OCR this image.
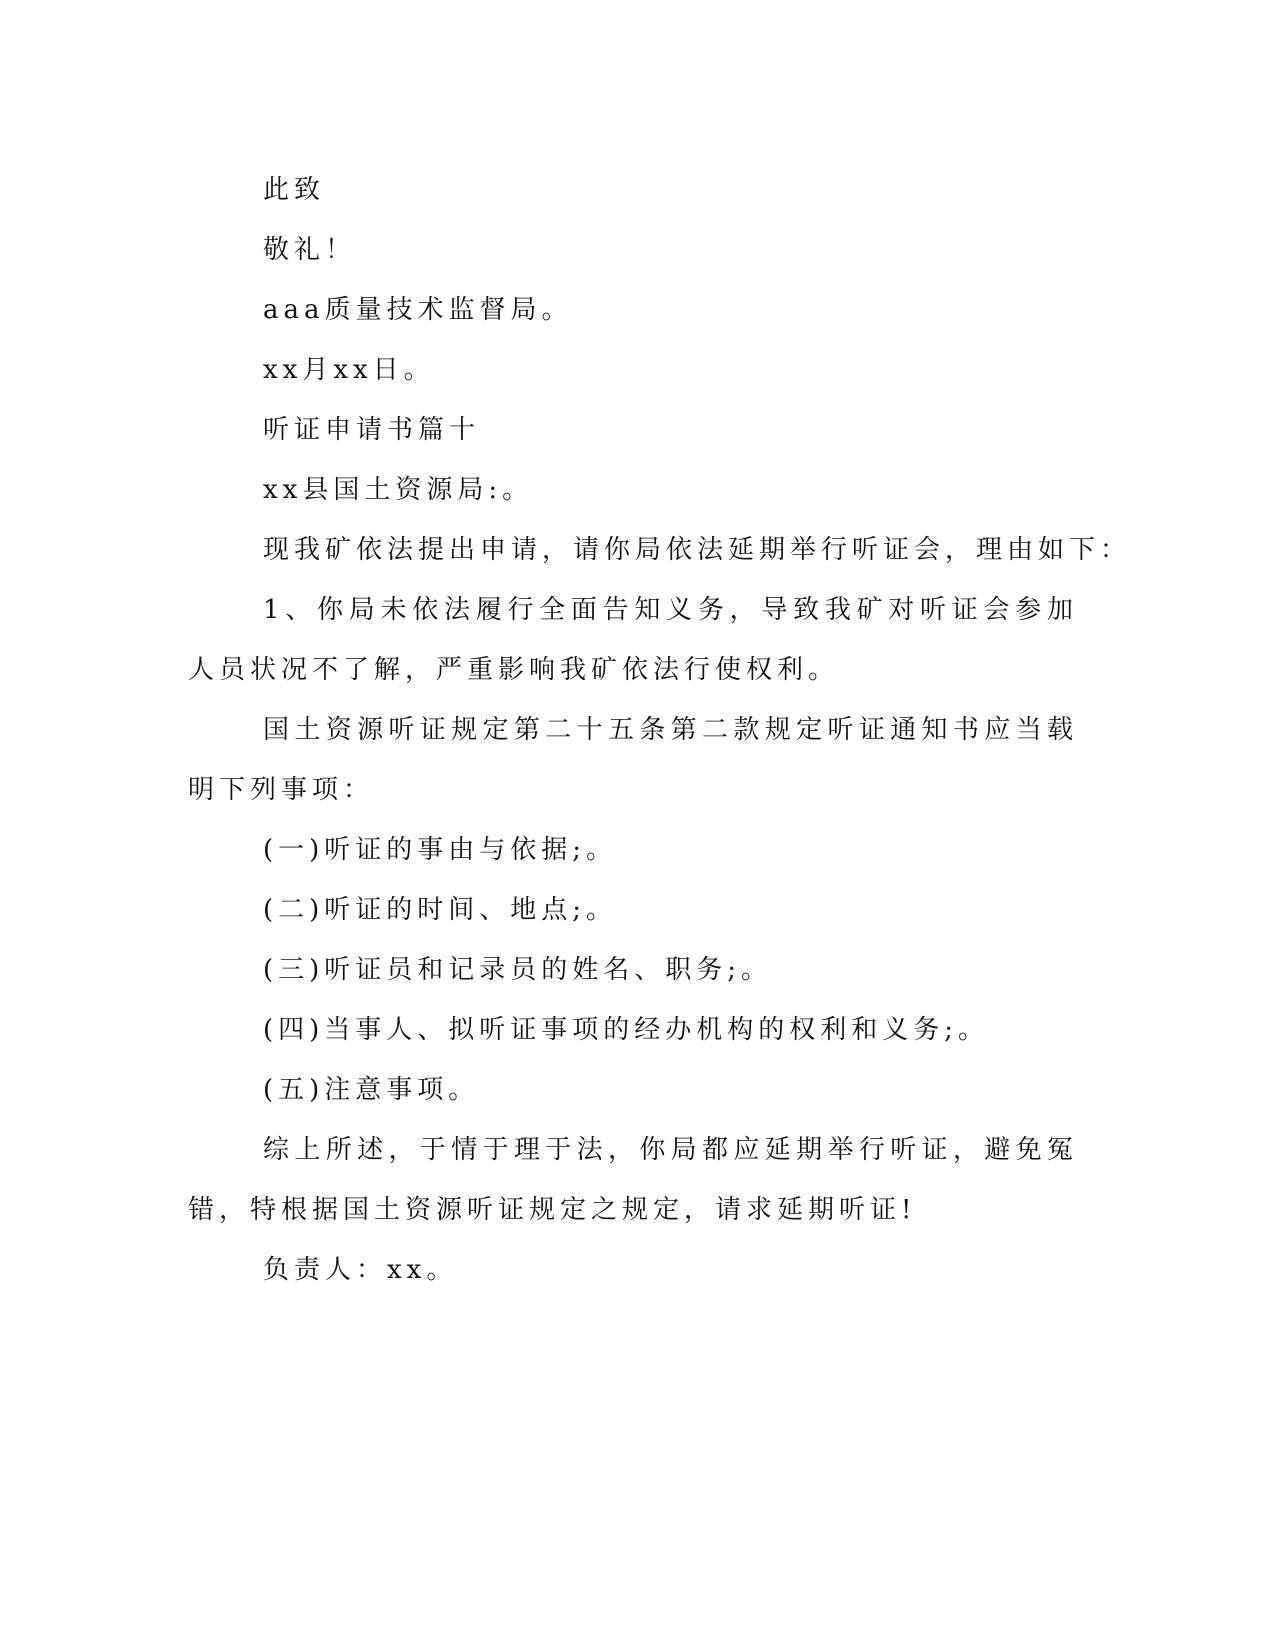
此致

敬礼！

aaa质量技术监督局。

xx月xx日。

听证申请书篇十

xx县国土资源局:。

现我矿依法提出申请，请你局依法延期举行听证会，理由如下：

1、你局未依法履行全面告知义务，导致我矿对听证会参加人员状况不了解，严重影响我矿依法行使权利。

国土资源听证规定第二十五条第二款规定听证通知书应当载明下列事项：

(一)听证的事由与依据;。

(二)听证的时间、地点;。

(三)听证员和记录员的姓名、职务;。

(四)当事人、拟听证事项的经办机构的权利和义务;。

(五)注意事项。

综上所述，于情于理于法，你局都应延期举行听证，避免冤错，特根据国土资源听证规定之规定，请求延期听证!

负责人：xx。
